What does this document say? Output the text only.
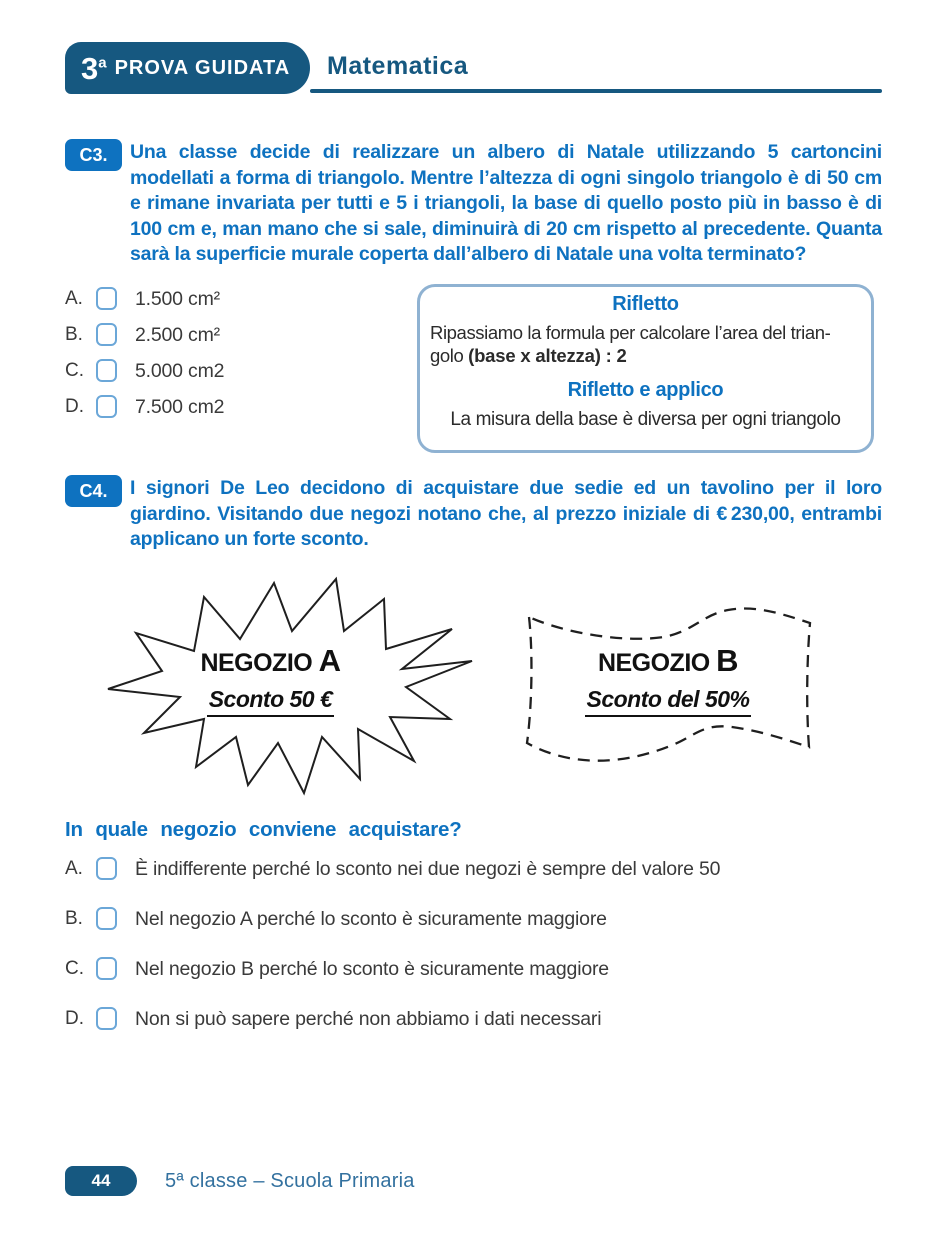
3$^a$ PROVA GUIDATA Matematica
C3.	Una classe decide di realizzare un albero di Natale utilizzando 5 cartoncini modellati a forma di triangolo. Mentre l’altezza di ogni singolo triangolo è di 50 cm e rimane invariata per tutti e 5 i triangoli, la base di quello posto più in basso è di 100 cm e, man mano che si sale, diminuirà di 20 cm rispetto al precedente. Quanta sarà la superficie murale coperta dall’albero di Natale una volta terminato?
A.	1.500 cm²
B.	2.500 cm²
C.	5.000 cm2
D.	7.500 cm2
Rifletto
Ripassiamo la formula per calcolare l’area del trian-
golo (base x altezza) : 2
Rifletto e applico
La misura della base è diversa per ogni triangolo
C4.	I signori De Leo decidono di acquistare due sedie ed un tavolino per il loro giardino. Visitando due negozi notano che, al prezzo iniziale di € 230,00, entrambi applicano un forte sconto.
NEGOZIO A
Sconto 50 €
NEGOZIO B
Sconto del 50%
In quale negozio conviene acquistare?
A.	È indifferente perché lo sconto nei due negozi è sempre del valore 50
B.	Nel negozio A perché lo sconto è sicuramente maggiore
C.	Nel negozio B perché lo sconto è sicuramente maggiore
D.	Non si può sapere perché non abbiamo i dati necessari
44	5ª classe – Scuola Primaria
